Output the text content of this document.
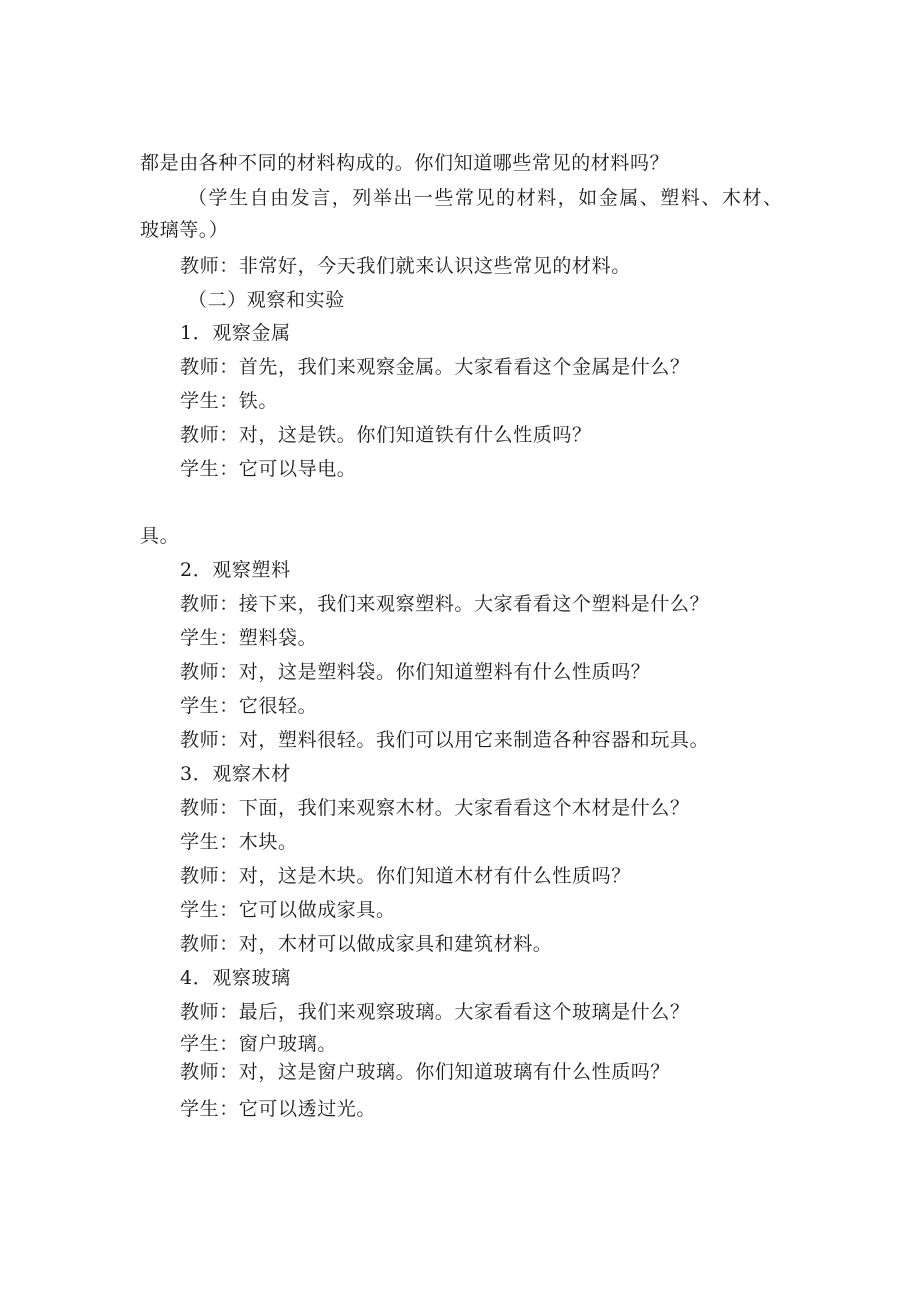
都是由各种不同的材料构成的。你们知道哪些常见的材料吗？
（学生自由发言，列举出一些常见的材料，如金属、塑料、木材、
玻璃等。）
教师：非常好，今天我们就来认识这些常见的材料。
（二）观察和实验
1．观察金属
教师：首先，我们来观察金属。大家看看这个金属是什么？
学生：铁。
教师：对，这是铁。你们知道铁有什么性质吗？
学生：它可以导电。
具。
2．观察塑料
教师：接下来，我们来观察塑料。大家看看这个塑料是什么？
学生：塑料袋。
教师：对，这是塑料袋。你们知道塑料有什么性质吗？
学生：它很轻。
教师：对，塑料很轻。我们可以用它来制造各种容器和玩具。
3．观察木材
教师：下面，我们来观察木材。大家看看这个木材是什么？
学生：木块。
教师：对，这是木块。你们知道木材有什么性质吗？
学生：它可以做成家具。
教师：对，木材可以做成家具和建筑材料。
4．观察玻璃
教师：最后，我们来观察玻璃。大家看看这个玻璃是什么？
学生：窗户玻璃。
教师：对，这是窗户玻璃。你们知道玻璃有什么性质吗？
学生：它可以透过光。
